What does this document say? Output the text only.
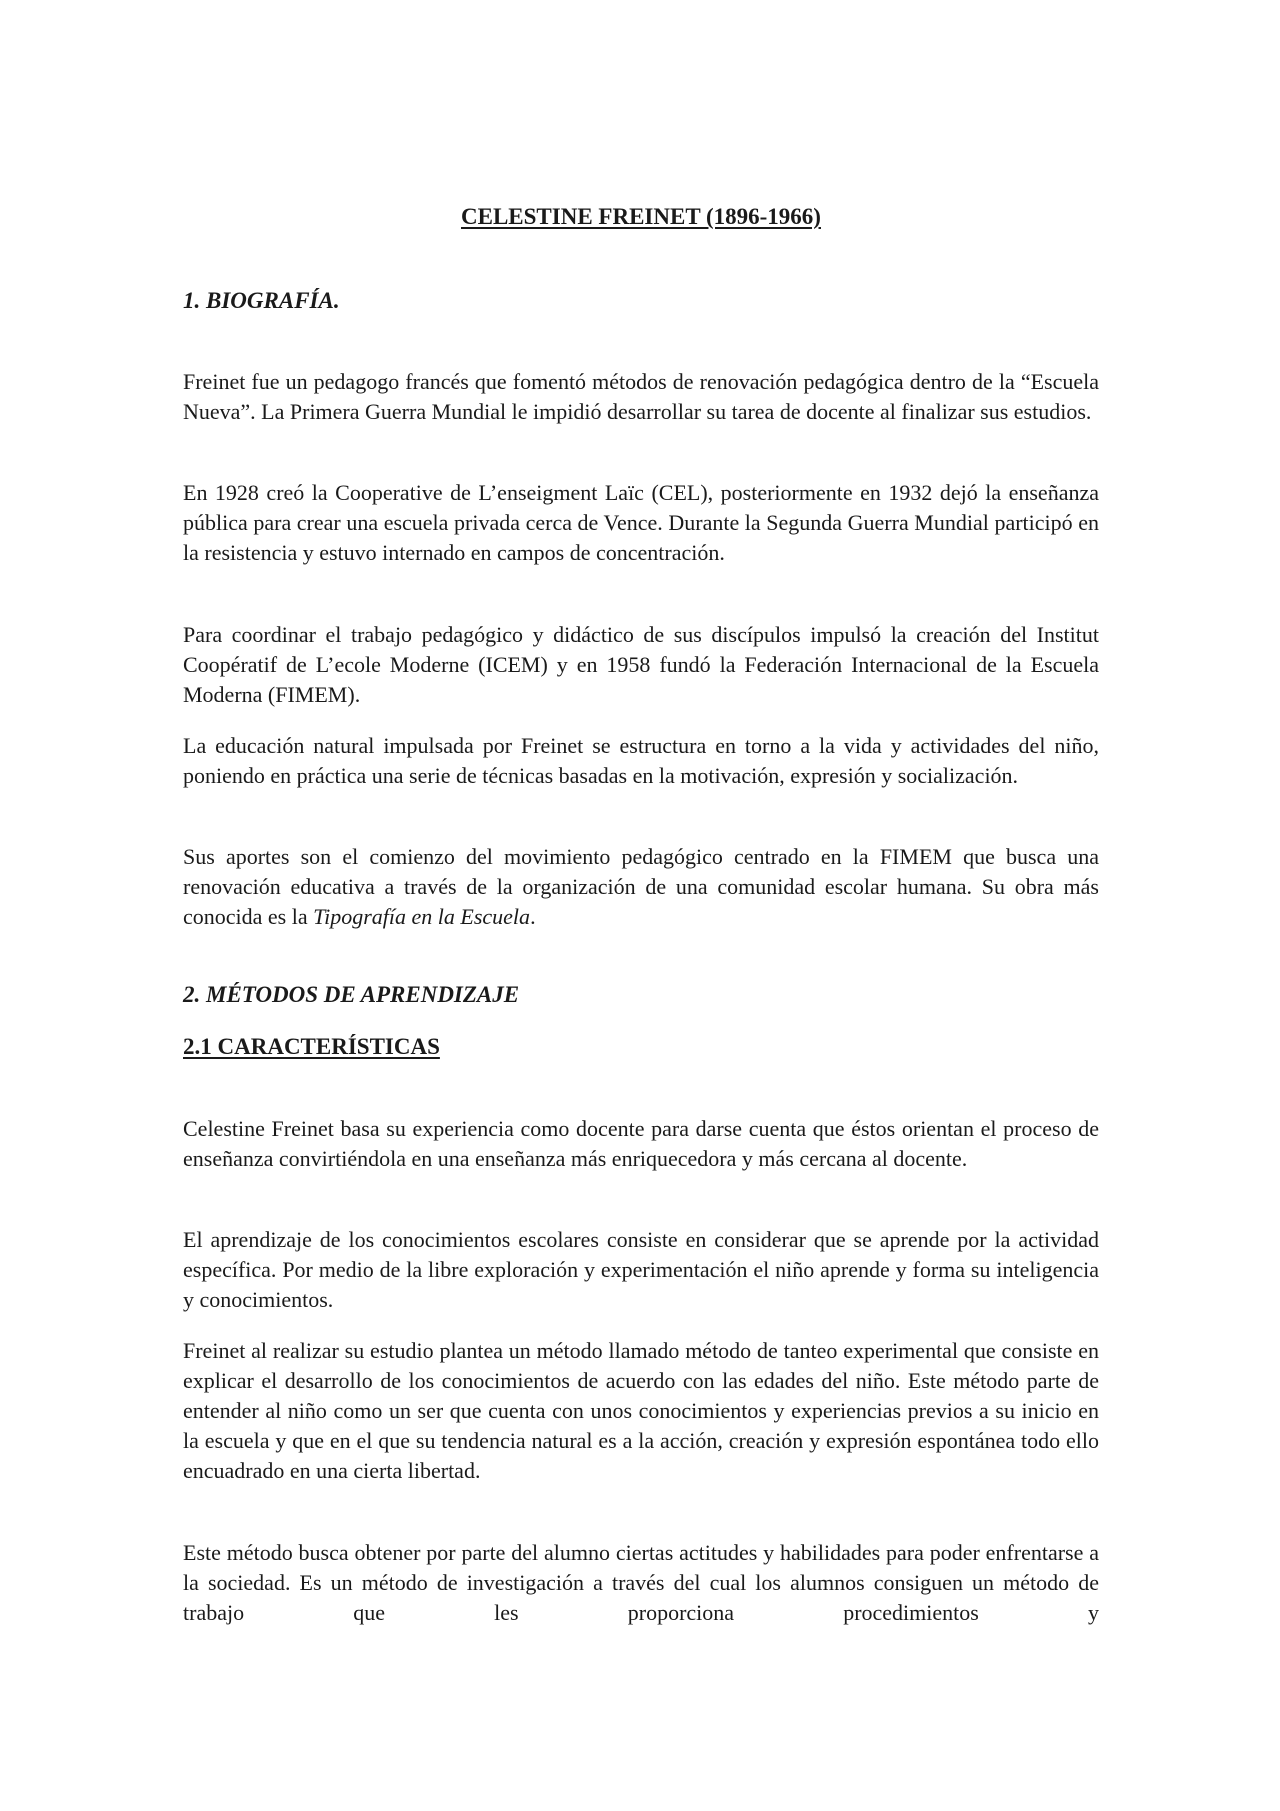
CELESTINE FREINET (1896-1966)
1. BIOGRAFÍA.

Freinet fue un pedagogo francés que fomentó métodos de renovación pedagógica dentro de la “Escuela Nueva”. La Primera Guerra Mundial le impidió desarrollar su tarea de docente al finalizar sus estudios.

En 1928 creó la Cooperative de L’enseigment Laïc (CEL), posteriormente en 1932 dejó la enseñanza pública para crear una escuela privada cerca de Vence. Durante la Segunda Guerra Mundial participó en la resistencia y estuvo internado en campos de concentración.

Para coordinar el trabajo pedagógico y didáctico de sus discípulos impulsó la creación del Institut Coopératif de L’ecole Moderne (ICEM) y en 1958 fundó la Federación Internacional de la Escuela Moderna (FIMEM).

La educación natural impulsada por Freinet se estructura en torno a la vida y actividades del niño, poniendo en práctica una serie de técnicas basadas en la motivación, expresión y socialización.

Sus aportes son el comienzo del movimiento pedagógico centrado en la FIMEM que busca una renovación educativa a través de la organización de una comunidad escolar humana. Su obra más conocida es la Tipografía en la Escuela.

2. MÉTODOS DE APRENDIZAJE
2.1 CARACTERÍSTICAS

Celestine Freinet basa su experiencia como docente para darse cuenta que éstos orientan el proceso de enseñanza convirtiéndola en una enseñanza más enriquecedora y más cercana al docente.

El aprendizaje de los conocimientos escolares consiste en considerar que se aprende por la actividad específica. Por medio de la libre exploración y experimentación el niño aprende y forma su inteligencia y conocimientos.

Freinet al realizar su estudio plantea un método llamado método de tanteo experimental que consiste en explicar el desarrollo de los conocimientos de acuerdo con las edades del niño. Este método parte de entender al niño como un ser que cuenta con unos conocimientos y experiencias previos a su inicio en la escuela y que en el que su tendencia natural es a la acción, creación y expresión espontánea todo ello encuadrado en una cierta libertad.

Este método busca obtener por parte del alumno ciertas actitudes y habilidades para poder enfrentarse a la sociedad. Es un método de investigación a través del cual los alumnos consiguen un método de trabajo que les proporciona procedimientos y
